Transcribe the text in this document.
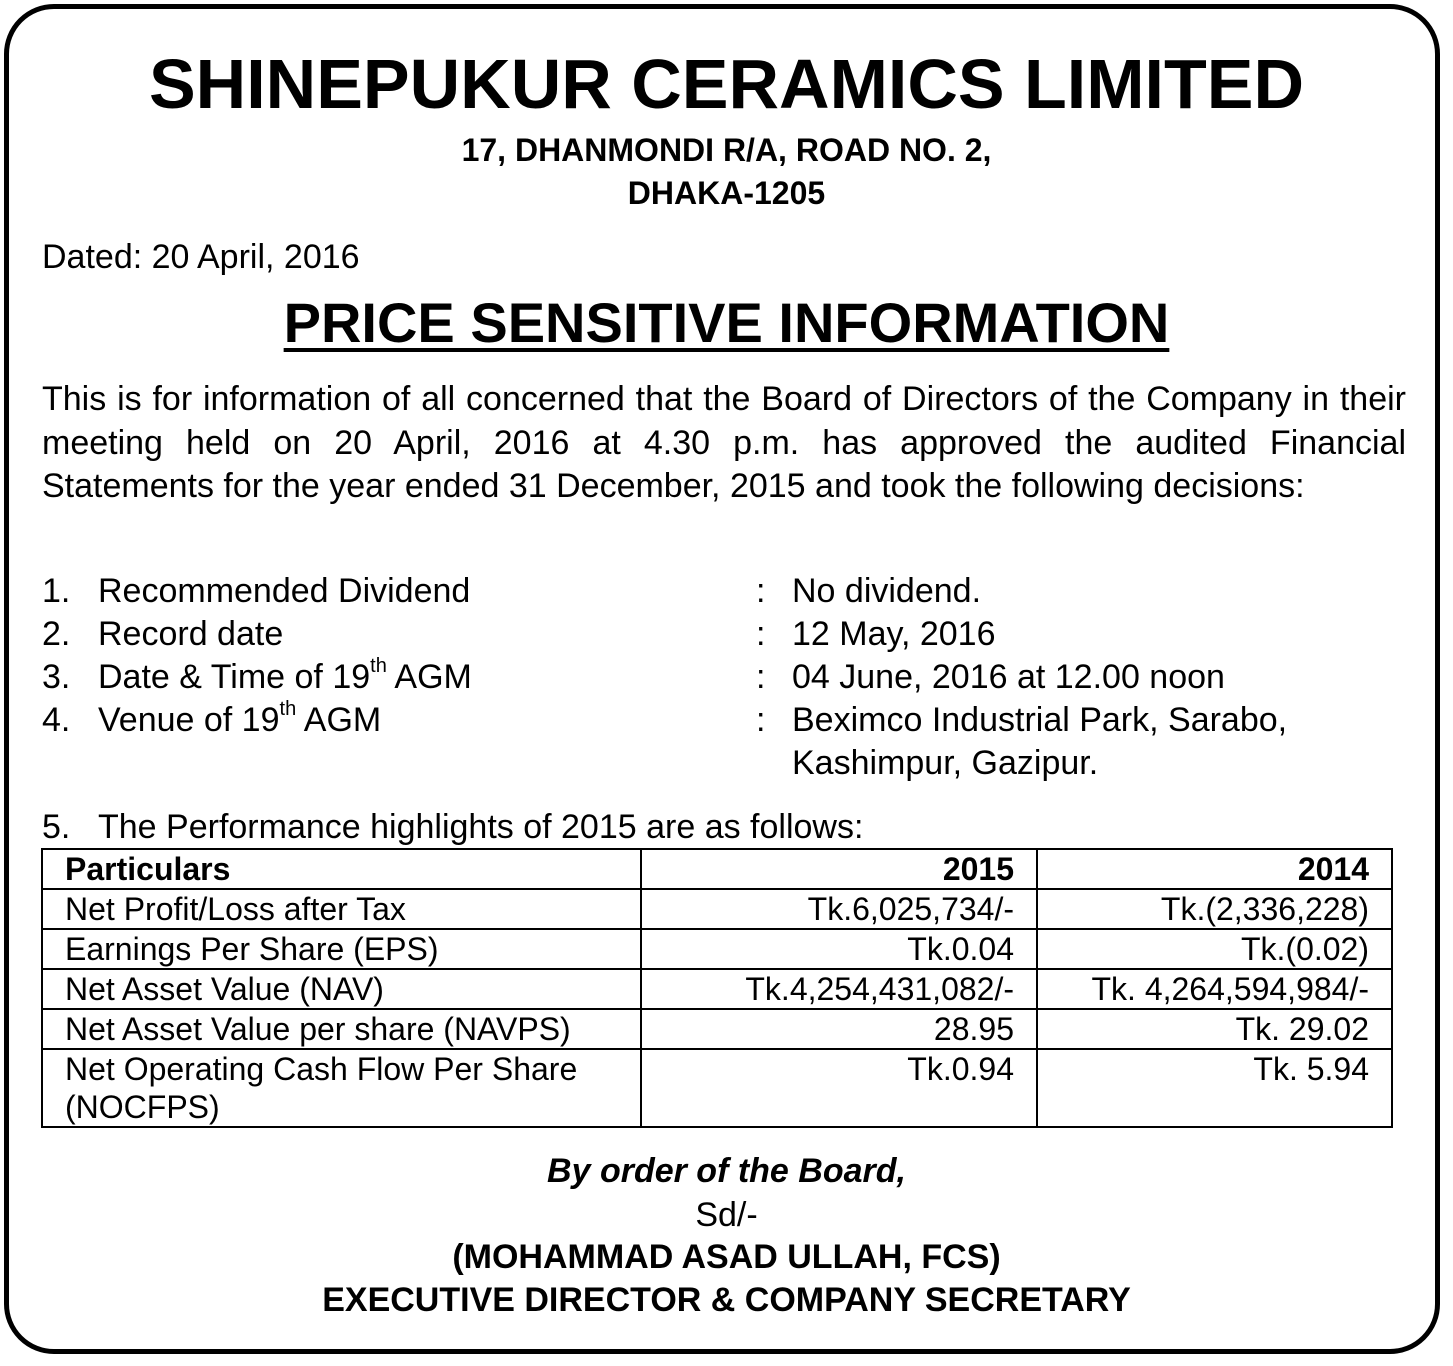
SHINEPUKUR CERAMICS LIMITED
17, DHANMONDI R/A, ROAD NO. 2,
DHAKA-1205
Dated: 20 April, 2016
PRICE SENSITIVE INFORMATION

This is for information of all concerned that the Board of Directors of the Company in their meeting held on 20 April, 2016 at 4.30 p.m. has approved the audited Financial Statements for the year ended 31 December, 2015 and took the following decisions:

1. Recommended Dividend	: No dividend.
2. Record date	: 12 May, 2016
3. Date & Time of 19th AGM	: 04 June, 2016 at 12.00 noon
4. Venue of 19th AGM	: Beximco Industrial Park, Sarabo,
Kashimpur, Gazipur.
5. The Performance highlights of 2015 are as follows:
Particulars	2015	2014
Net Profit/Loss after Tax	Tk.6,025,734/-	Tk.(2,336,228)
Earnings Per Share (EPS)	Tk.0.04	Tk.(0.02)
Net Asset Value (NAV)	Tk.4,254,431,082/-	Tk. 4,264,594,984/-
Net Asset Value per share (NAVPS)	28.95	Tk. 29.02
Net Operating Cash Flow Per Share (NOCFPS)	Tk.0.94	Tk. 5.94
By order of the Board,
Sd/-
(MOHAMMAD ASAD ULLAH, FCS)
EXECUTIVE DIRECTOR & COMPANY SECRETARY
